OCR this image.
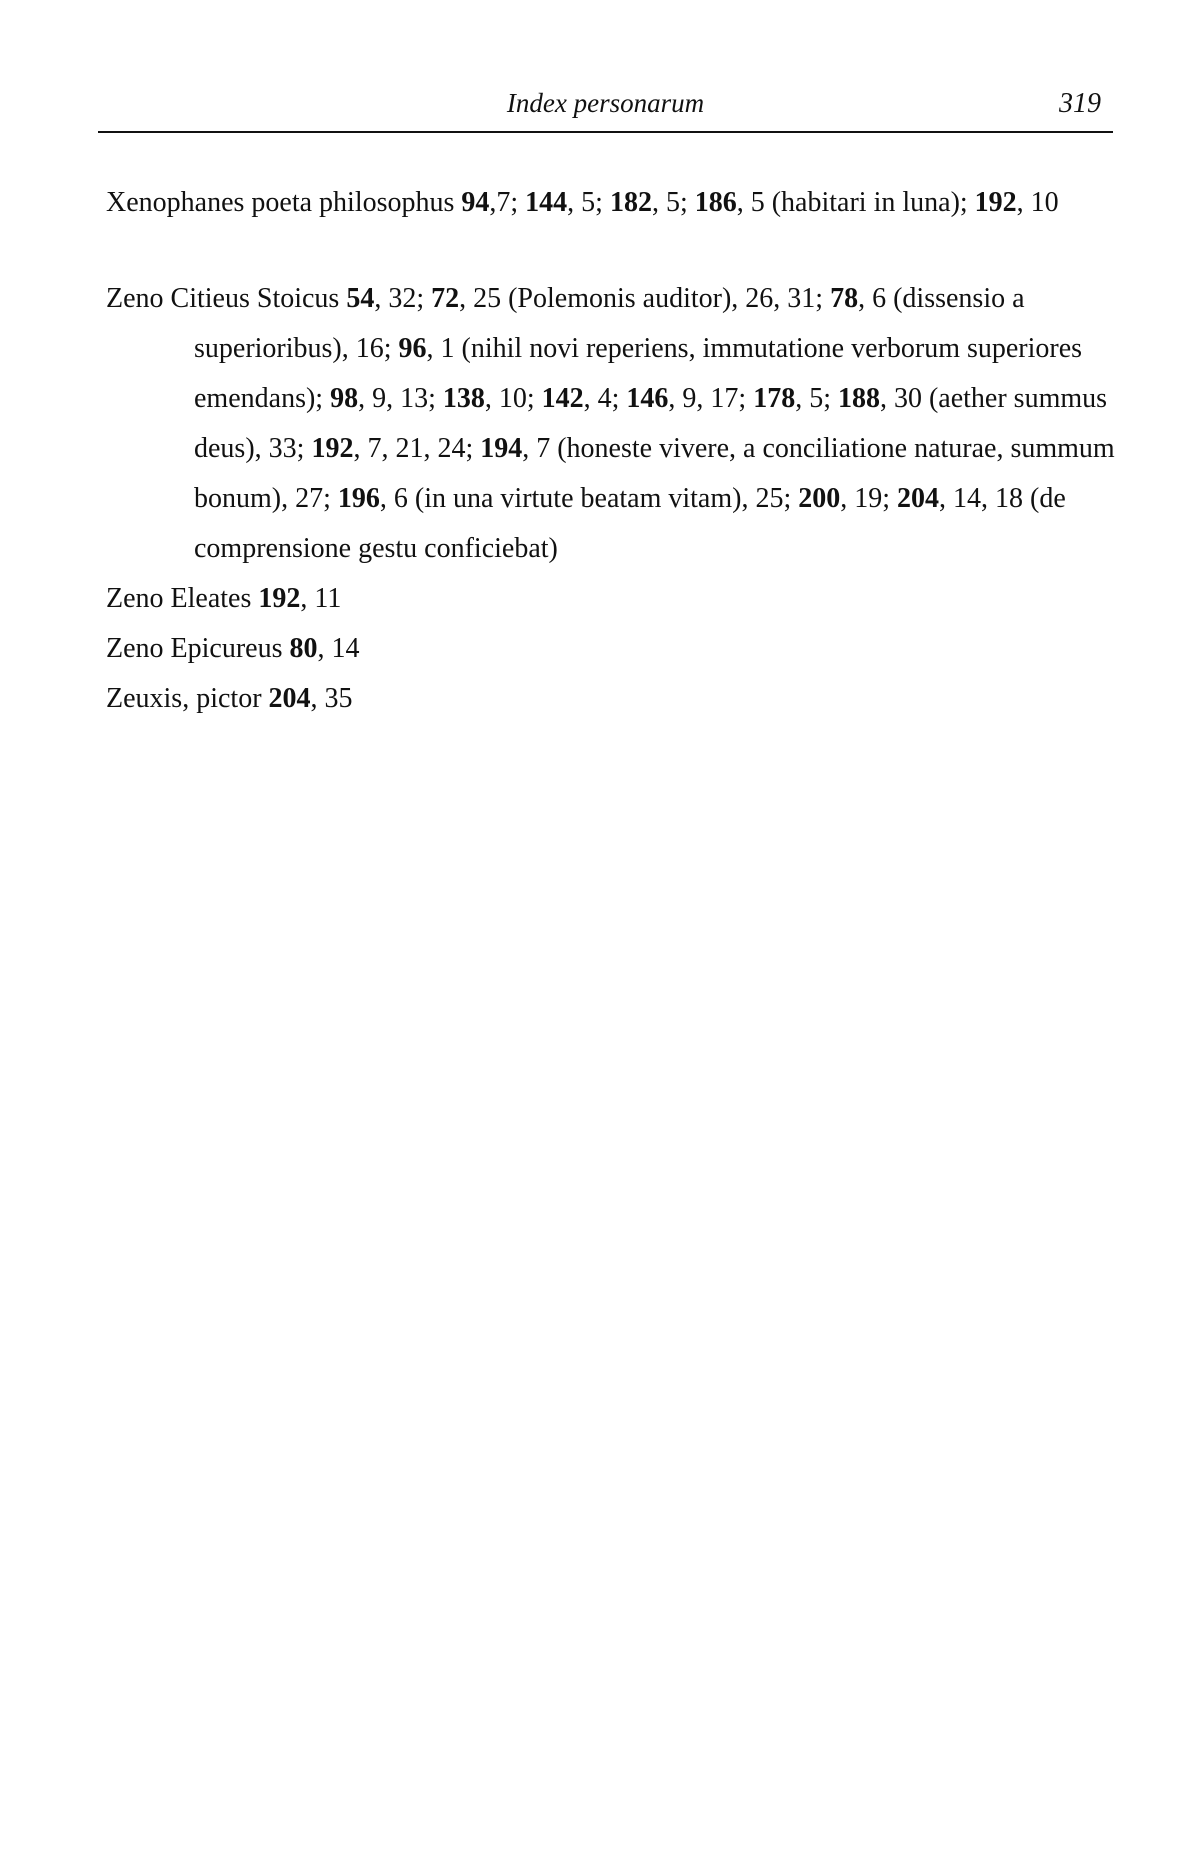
Index personarum	319

Xenophanes poeta philosophus 94,7; 144, 5; 182, 5; 186, 5 (habitari in luna); 192, 10

Zeno Citieus Stoicus 54, 32; 72, 25 (Polemonis auditor), 26, 31; 78, 6 (dissensio a superioribus), 16; 96, 1 (nihil novi reperiens, immutatione verborum superiores emendans); 98, 9, 13; 138, 10; 142, 4; 146, 9, 17; 178, 5; 188, 30 (aether summus deus), 33; 192, 7, 21, 24; 194, 7 (honeste vivere, a conciliatione naturae, summum bonum), 27; 196, 6 (in una virtute beatam vitam), 25; 200, 19; 204, 14, 18 (de comprensione gestu conficiebat)

Zeno Eleates 192, 11

Zeno Epicureus 80, 14

Zeuxis, pictor 204, 35
